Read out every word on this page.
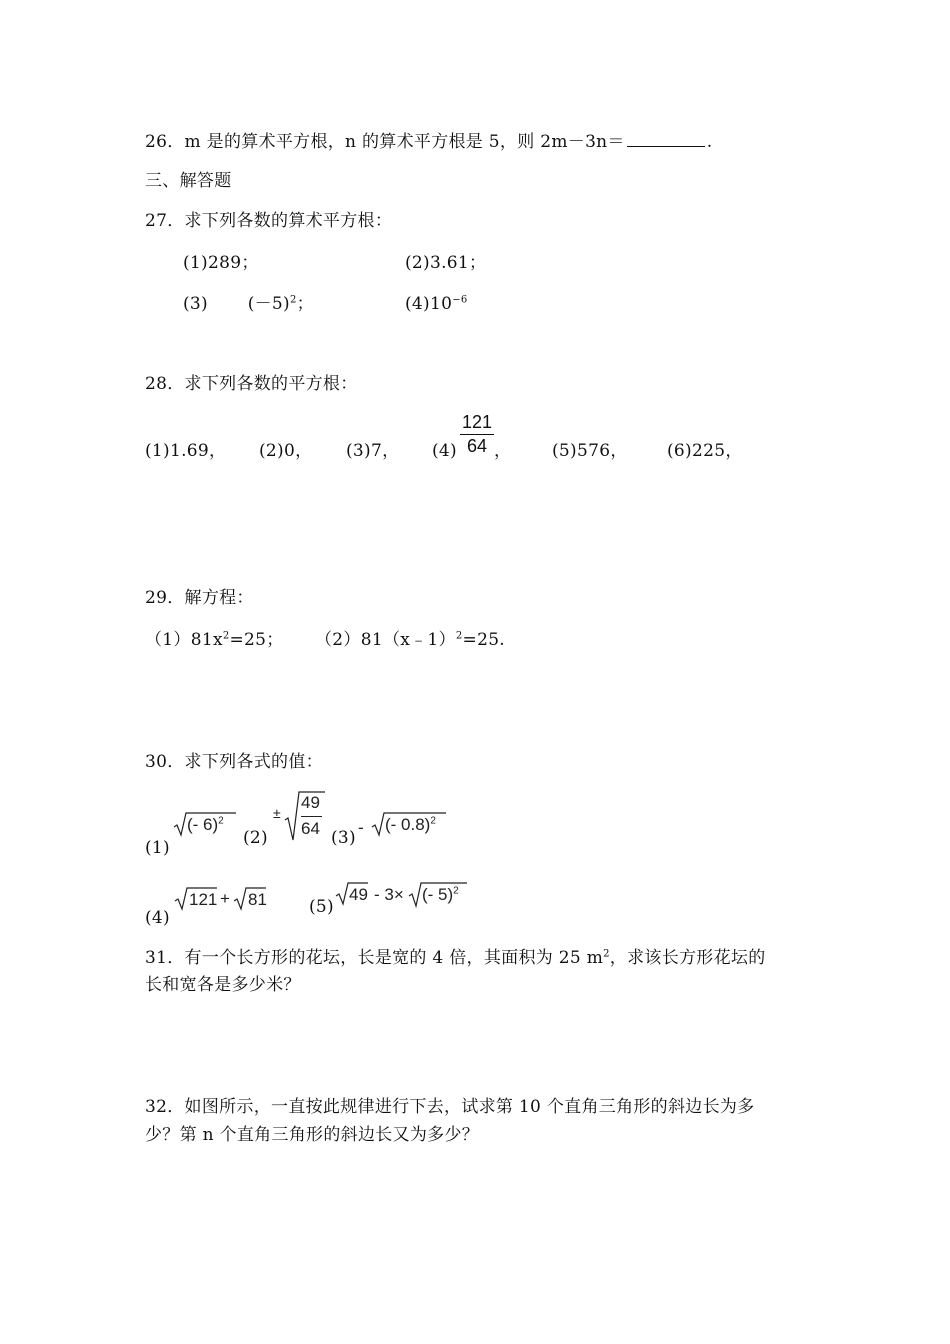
26．m 是的算术平方根，n 的算术平方根是 5，则 2m－3n＝	.
三、解答题
27．求下列各数的算术平方根：
(1)289；	(2)3.61；
(3) $(-5)^2$；	$(4)10^{-6}$
28．求下列各数的平方根：
(1)1.69， (2)0， (3)7， (4)
121
64 ， (5)576， (6)225，
29．解方程：
$(1)81x^2=25$； （2）81（x﹣1）$^2$=25.
30．求下列各式的值：
(1)
(- 6)$^2$
(2)
±
49
64 (3)
- (- 0.8)$^2$
(4)
121 + 81 (5)
49 - 3× (- 5)$^2$
31．有一个长方形的花坛，长是宽的 4 倍，其面积为 25 $m^2$，求该长方形花坛的
长和宽各是多少米？
32．如图所示，一直按此规律进行下去，试求第 10 个直角三角形的斜边长为多
少？第 n 个直角三角形的斜边长又为多少？
